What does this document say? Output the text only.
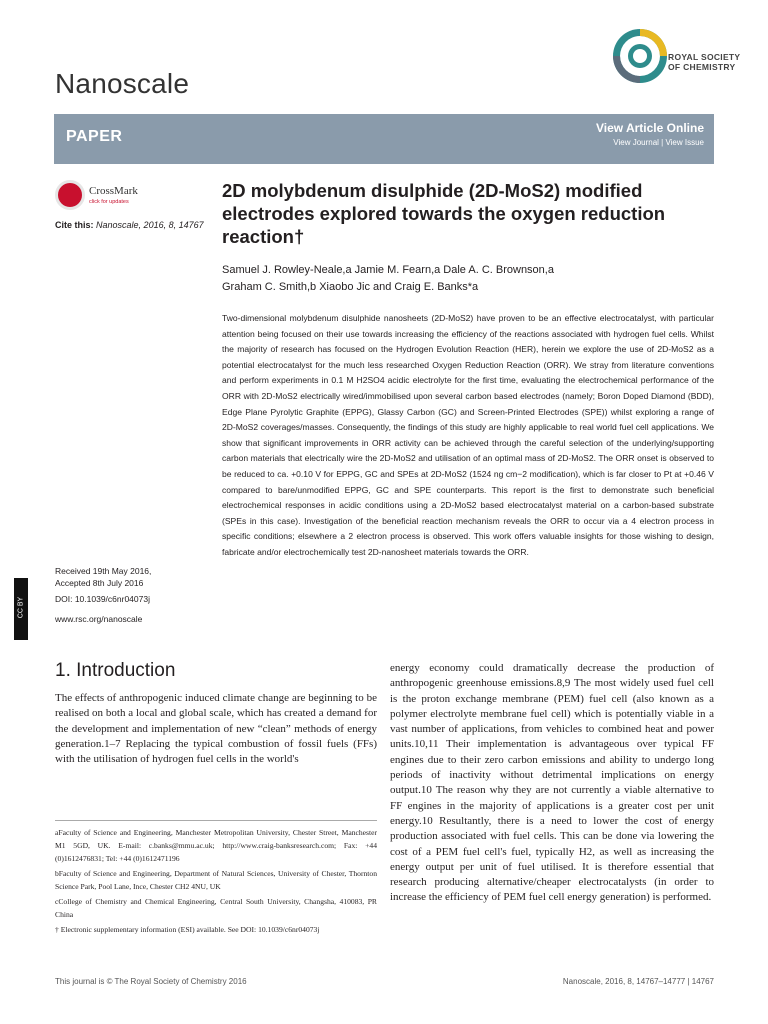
Nanoscale
ROYAL SOCIETY
OF CHEMISTRY
PAPER	View Article Online
View Journal | View Issue
CrossMark
click for updates
Cite this: Nanoscale, 2016, 8, 14767
2D molybdenum disulphide (2D-MoS2) modified electrodes explored towards the oxygen reduction reaction†
Samuel J. Rowley-Neale,a Jamie M. Fearn,a Dale A. C. Brownson,a
Graham C. Smith,b Xiaobo Jic and Craig E. Banks*a
Two-dimensional molybdenum disulphide nanosheets (2D-MoS2) have proven to be an effective electrocatalyst, with particular attention being focused on their use towards increasing the efficiency of the reactions associated with hydrogen fuel cells. Whilst the majority of research has focused on the Hydrogen Evolution Reaction (HER), herein we explore the use of 2D-MoS2 as a potential electrocatalyst for the much less researched Oxygen Reduction Reaction (ORR). We stray from literature conventions and perform experiments in 0.1 M H2SO4 acidic electrolyte for the first time, evaluating the electrochemical performance of the ORR with 2D-MoS2 electrically wired/immobilised upon several carbon based electrodes (namely; Boron Doped Diamond (BDD), Edge Plane Pyrolytic Graphite (EPPG), Glassy Carbon (GC) and Screen-Printed Electrodes (SPE)) whilst exploring a range of 2D-MoS2 coverages/masses. Consequently, the findings of this study are highly applicable to real world fuel cell applications. We show that significant improvements in ORR activity can be achieved through the careful selection of the underlying/supporting carbon materials that electrically wire the 2D-MoS2 and utilisation of an optimal mass of 2D-MoS2. The ORR onset is observed to be reduced to ca. +0.10 V for EPPG, GC and SPEs at 2D-MoS2 (1524 ng cm−2 modification), which is far closer to Pt at +0.46 V compared to bare/unmodified EPPG, GC and SPE counterparts. This report is the first to demonstrate such beneficial electrochemical responses in acidic conditions using a 2D-MoS2 based electrocatalyst material on a carbon-based substrate (SPEs in this case). Investigation of the beneficial reaction mechanism reveals the ORR to occur via a 4 electron process in specific conditions; elsewhere a 2 electron process is observed. This work offers valuable insights for those wishing to design, fabricate and/or electrochemically test 2D-nanosheet materials towards the ORR.
CC BY
Received 19th May 2016,
Accepted 8th July 2016
DOI: 10.1039/c6nr04073j
www.rsc.org/nanoscale
1. Introduction
The effects of anthropogenic induced climate change are beginning to be realised on both a local and global scale, which has created a demand for the development and implementation of new “clean” methods of energy generation.1–7 Replacing the typical combustion of fossil fuels (FFs) with the utilisation of hydrogen fuel cells in the world's
energy economy could dramatically decrease the production of anthropogenic greenhouse emissions.8,9 The most widely used fuel cell is the proton exchange membrane (PEM) fuel cell (also known as a polymer electrolyte membrane fuel cell) which is potentially viable in a vast number of applications, from vehicles to combined heat and power units.10,11 Their implementation is advantageous over typical FF engines due to their zero carbon emissions and ability to undergo long periods of inactivity without detrimental implications on energy output.10 The reason why they are not currently a viable alternative to FF engines in the majority of applications is a greater cost per unit energy.10 Resultantly, there is a need to lower the cost of energy production associated with fuel cells. This can be done via lowering the cost of a PEM fuel cell's fuel, typically H2, as well as increasing the energy output per unit of fuel utilised. It is therefore essential that research producing alternative/cheaper electrocatalysts (in order to increase the efficiency of PEM fuel cell energy generation) is performed.

aFaculty of Science and Engineering, Manchester Metropolitan University, Chester Street, Manchester M1 5GD, UK. E-mail: c.banks@mmu.ac.uk; http://www.craig-banksresearch.com; Fax: +44 (0)1612476831; Tel: +44 (0)1612471196

bFaculty of Science and Engineering, Department of Natural Sciences, University of Chester, Thornton Science Park, Pool Lane, Ince, Chester CH2 4NU, UK

cCollege of Chemistry and Chemical Engineering, Central South University, Changsha, 410083, PR China

† Electronic supplementary information (ESI) available. See DOI: 10.1039/c6nr04073j

This journal is © The Royal Society of Chemistry 2016	Nanoscale, 2016, 8, 14767–14777 | 14767
